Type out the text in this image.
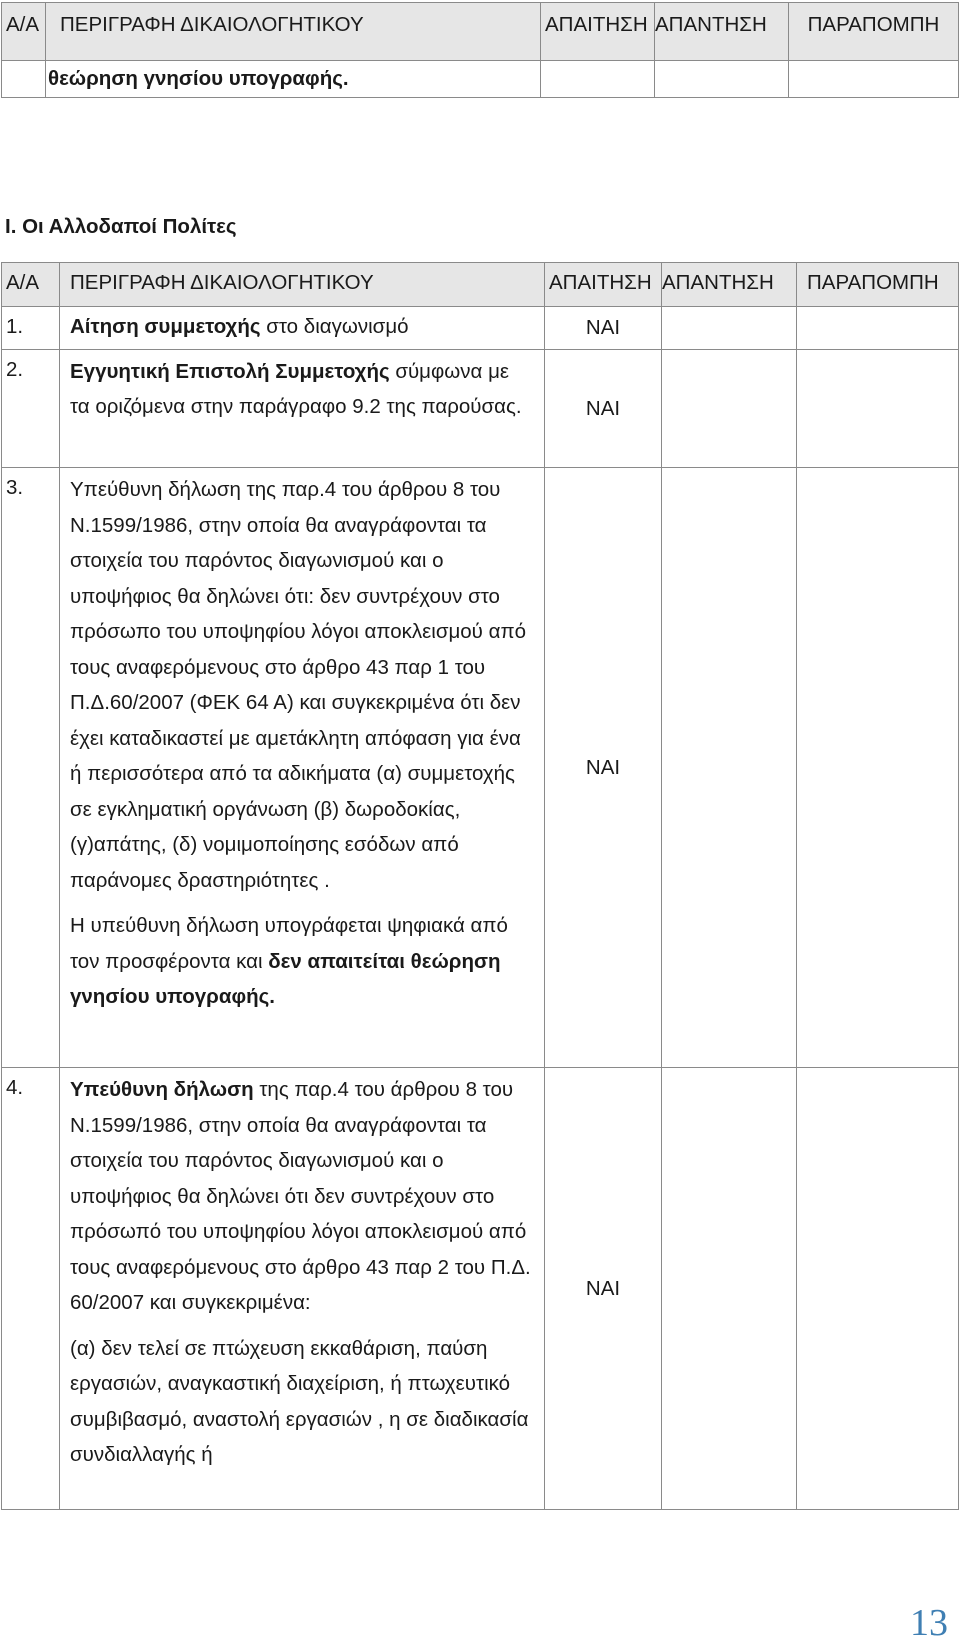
Α/Α	ΠΕΡΙΓΡΑΦΗ ΔΙΚΑΙΟΛΟΓΗΤΙΚΟΥ	ΑΠΑΙΤΗΣΗ	ΑΠΑΝΤΗΣΗ	ΠΑΡΑΠΟΜΠΗ
	θεώρηση γνησίου υπογραφής.			

Ι. Οι Αλλοδαποί Πολίτες

Α/Α	ΠΕΡΙΓΡΑΦΗ ΔΙΚΑΙΟΛΟΓΗΤΙΚΟΥ	ΑΠΑΙΤΗΣΗ	ΑΠΑΝΤΗΣΗ	ΠΑΡΑΠΟΜΠΗ
1.	Αίτηση συμμετοχής στο διαγωνισμό	ΝΑΙ		
2.	Εγγυητική Επιστολή Συμμετοχής σύμφωνα με τα οριζόμενα στην παράγραφο 9.2 της παρούσας.	ΝΑΙ		
3.	Υπεύθυνη δήλωση της παρ.4 του άρθρου 8 του Ν.1599/1986, στην οποία θα αναγράφονται τα στοιχεία του παρόντος διαγωνισμού και ο υποψήφιος θα δηλώνει ότι: δεν συντρέχουν στο πρόσωπο του υποψηφίου λόγοι αποκλεισμού από τους αναφερόμενους στο άρθρο 43 παρ 1 του Π.Δ.60/2007 (ΦΕΚ 64 Α) και συγκεκριμένα ότι δεν έχει καταδικαστεί με αμετάκλητη απόφαση για ένα ή περισσότερα από τα αδικήματα (α) συμμετοχής σε εγκληματική οργάνωση (β) δωροδοκίας, (γ)απάτης, (δ) νομιμοποίησης εσόδων από παράνομες δραστηριότητες .

Η υπεύθυνη δήλωση υπογράφεται ψηφιακά από τον προσφέροντα και δεν απαιτείται θεώρηση γνησίου υπογραφής.	ΝΑΙ		
4.	Υπεύθυνη δήλωση της παρ.4 του άρθρου 8 του Ν.1599/1986, στην οποία θα αναγράφονται τα στοιχεία του παρόντος διαγωνισμού και ο υποψήφιος θα δηλώνει ότι δεν συντρέχουν στο πρόσωπό του υποψηφίου λόγοι αποκλεισμού από τους αναφερόμενους στο άρθρο 43 παρ 2 του Π.Δ. 60/2007 και συγκεκριμένα:

(α) δεν τελεί σε πτώχευση εκκαθάριση, παύση εργασιών, αναγκαστική διαχείριση, ή πτωχευτικό συμβιβασμό, αναστολή εργασιών , η σε διαδικασία συνδιαλλαγής ή	ΝΑΙ		
13
